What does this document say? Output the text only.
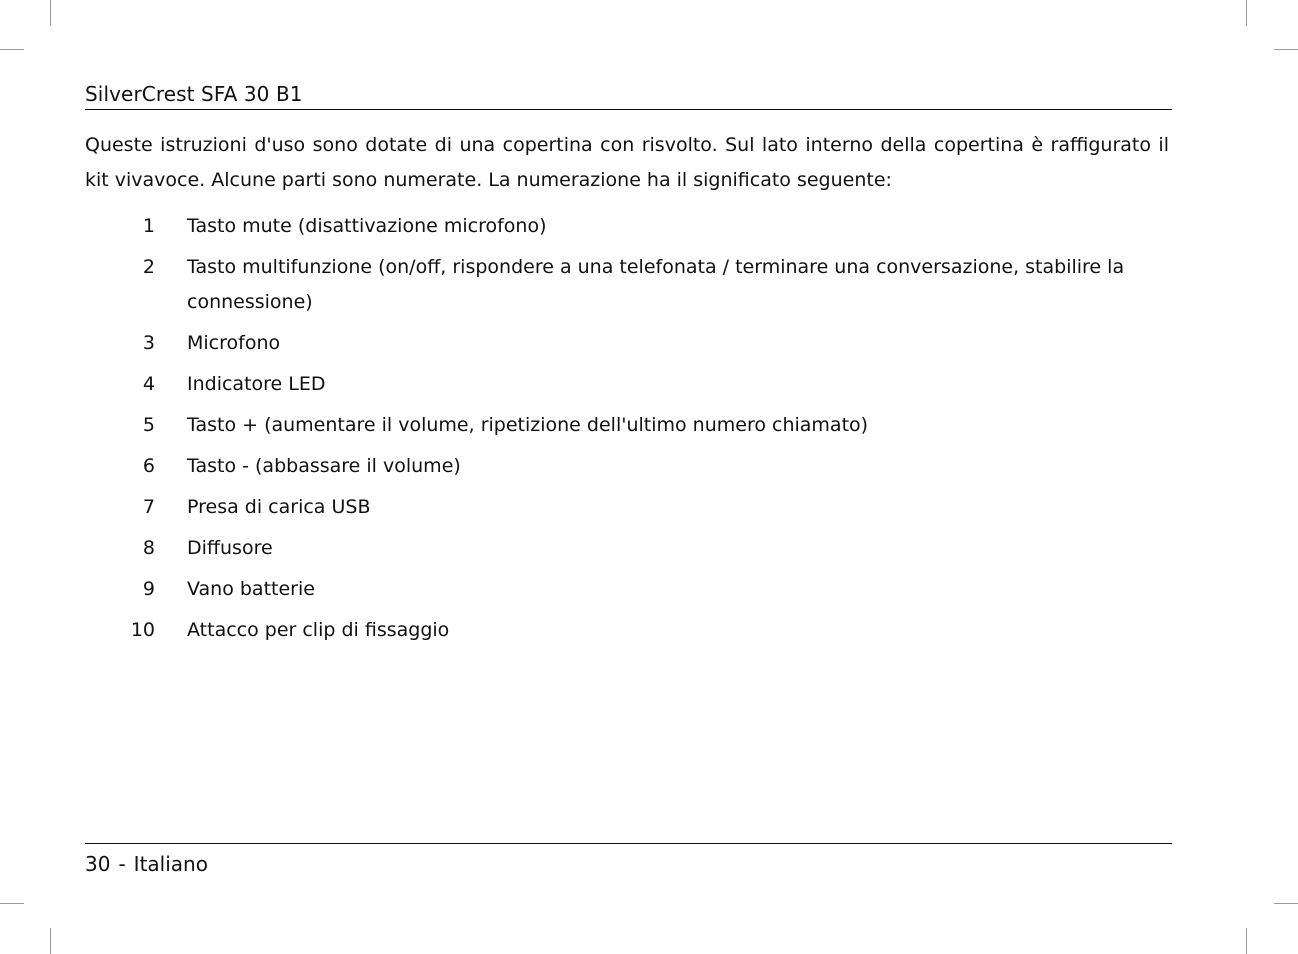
SilverCrest SFA 30 B1

Queste istruzioni d'uso sono dotate di una copertina con risvolto. Sul lato interno della copertina è raffigurato il kit vivavoce. Alcune parti sono numerate. La numerazione ha il significato seguente:

1 Tasto mute (disattivazione microfono)
2 Tasto multifunzione (on/off, rispondere a una telefonata / terminare una conversazione, stabilire la connessione)
3 Microfono
4 Indicatore LED
5 Tasto + (aumentare il volume, ripetizione dell'ultimo numero chiamato)
6 Tasto - (abbassare il volume)
7 Presa di carica USB
8 Diffusore
9 Vano batterie
10 Attacco per clip di fissaggio
30 - Italiano
